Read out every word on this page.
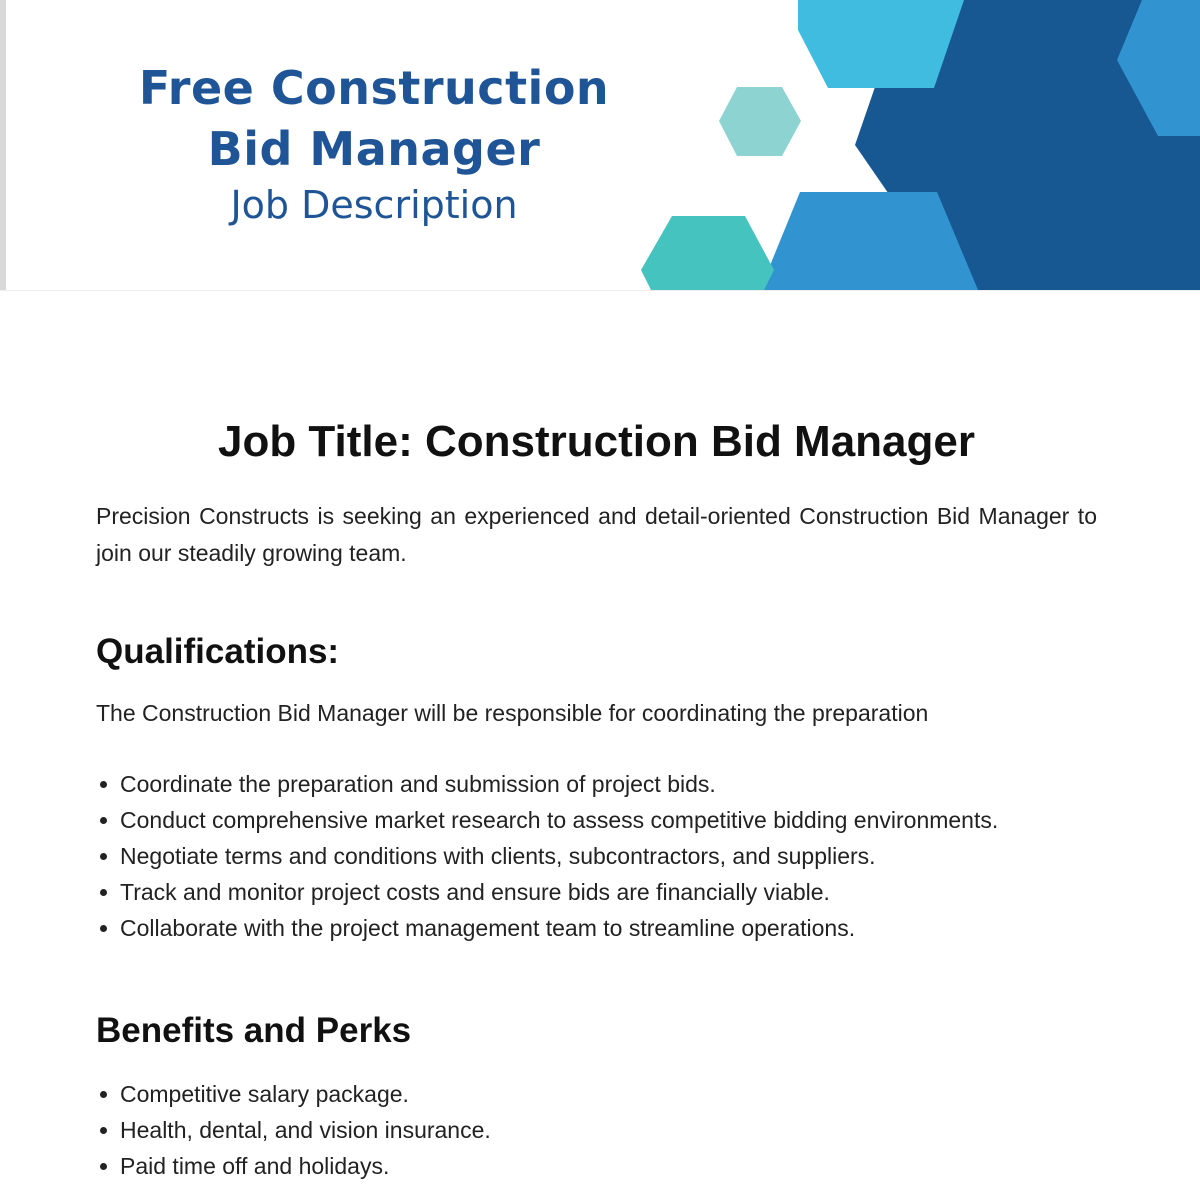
Free Construction
Bid Manager
Job Description
Job Title: Construction Bid Manager

Precision Constructs is seeking an experienced and detail-oriented Construction Bid Manager to join our steadily growing team.

Qualifications:

The Construction Bid Manager will be responsible for coordinating the preparation

Coordinate the preparation and submission of project bids.
Conduct comprehensive market research to assess competitive bidding environments.
Negotiate terms and conditions with clients, subcontractors, and suppliers.
Track and monitor project costs and ensure bids are financially viable.
Collaborate with the project management team to streamline operations.
Benefits and Perks
Competitive salary package.
Health, dental, and vision insurance.
Paid time off and holidays.
